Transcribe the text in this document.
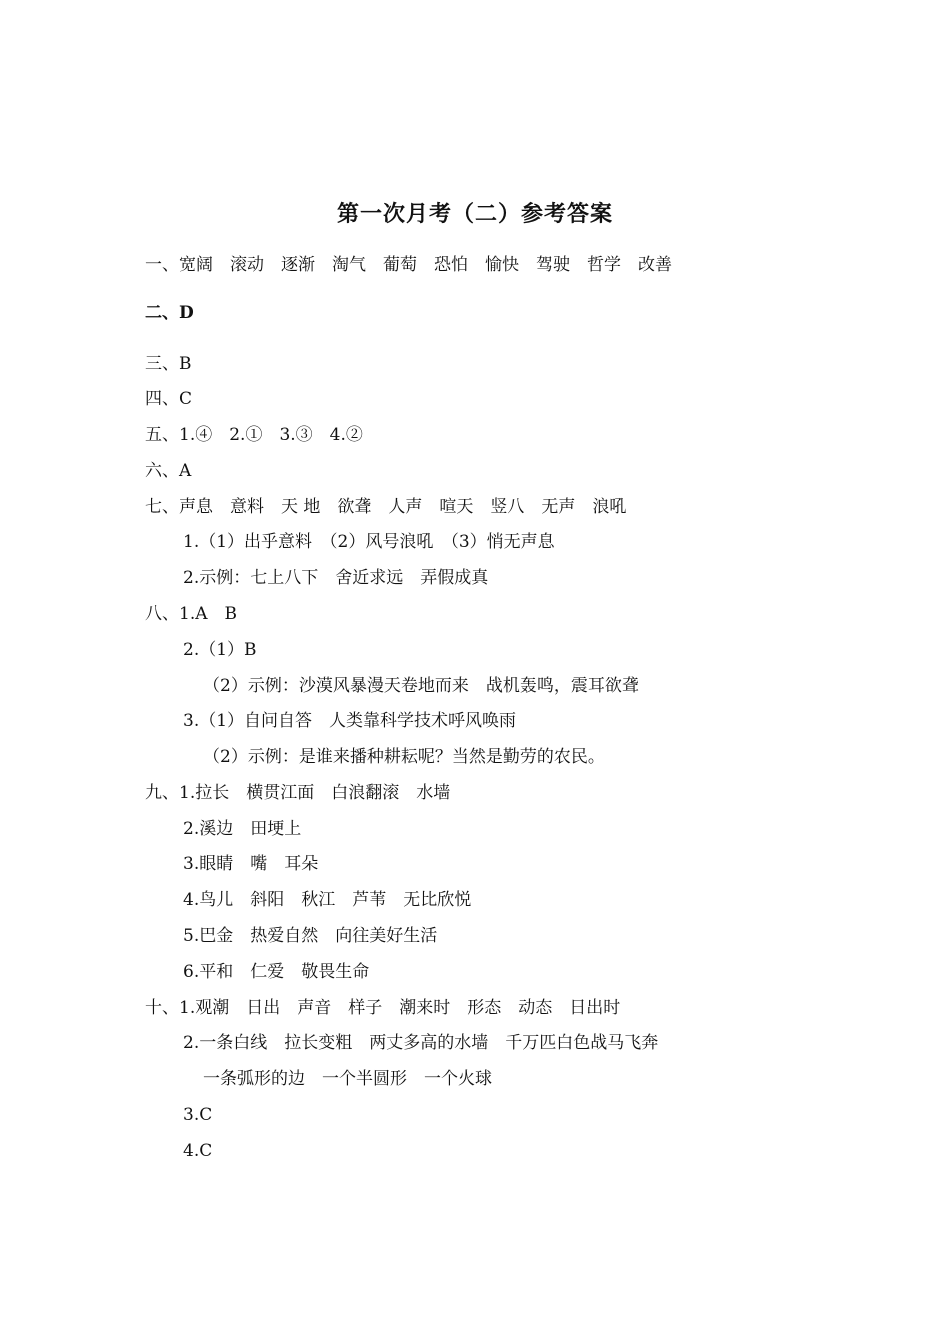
第一次月考（二）参考答案
一、宽阔　滚动　逐渐　淘气　葡萄　恐怕　愉快　驾驶　哲学　改善
二、D
三、B
四、C
五、1.④　2.①　3.③　4.②
六、A
七、声息　意料　天 地　欲聋　人声　喧天　竖八　无声　浪吼
1.（1）出乎意料　（2）风号浪吼　（3）悄无声息
2.示例：七上八下　舍近求远　弄假成真
八、1.A　B
2.（1）B
（2）示例：沙漠风暴漫天卷地而来　战机轰鸣，震耳欲聋
3.（1）自问自答　人类靠科学技术呼风唤雨
（2）示例：是谁来播种耕耘呢？当然是勤劳的农民。
九、1.拉长　横贯江面　白浪翻滚　水墙
2.溪边　田埂上
3.眼睛　嘴　耳朵
4.鸟儿　斜阳　秋江　芦苇　无比欣悦
5.巴金　热爱自然　向往美好生活
6.平和　仁爱　敬畏生命
十、1.观潮　日出　声音　样子　潮来时　形态　动态　日出时
2.一条白线　拉长变粗　两丈多高的水墙　千万匹白色战马飞奔
一条弧形的边　一个半圆形　一个火球
3.C
4.C
